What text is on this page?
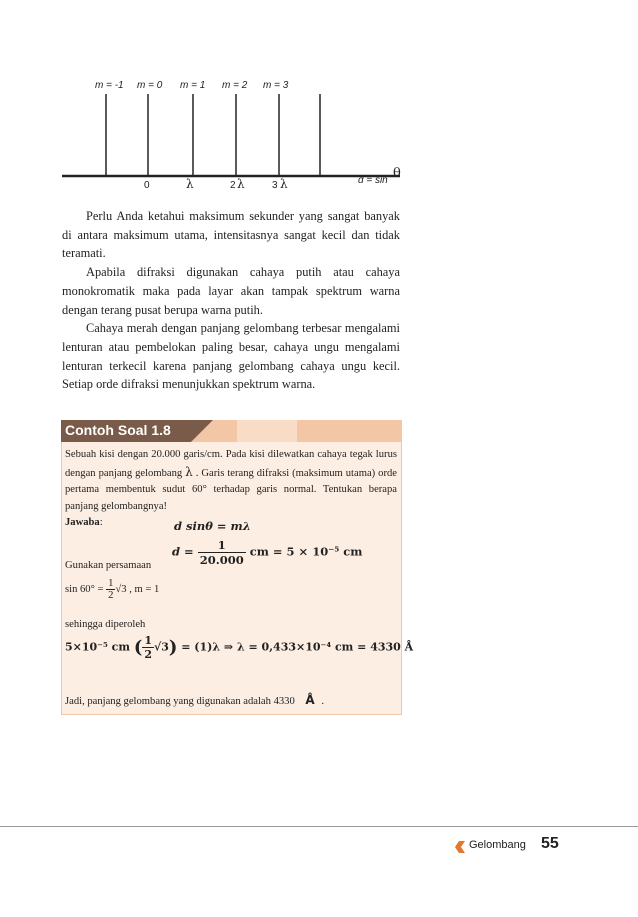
m = -1 m = 0 m = 1 m = 2 m = 3
0	λ	2 λ	3 λ	d = sin θ

Perlu Anda ketahui maksimum sekunder yang sangat banyak di antara maksimum utama, intensitasnya sangat kecil dan tidak teramati.

Apabila difraksi digunakan cahaya putih atau cahaya monokromatik maka pada layar akan tampak spektrum warna dengan terang pusat berupa warna putih.

Cahaya merah dengan panjang gelombang terbesar mengalami lenturan atau pembelokan paling besar, cahaya ungu mengalami lenturan terkecil karena panjang gelombang cahaya ungu kecil. Setiap orde difraksi menunjukkan spektrum warna.

Contoh Soal 1.8
Sebuah kisi dengan 20.000 garis/cm. Pada kisi dilewatkan cahaya tegak lurus dengan panjang gelombang λ . Garis terang difraksi (maksimum utama) orde pertama membentuk sudut 60° terhadap garis normal. Tentukan berapa panjang gelombangnya!
Jawaba:	d sinθ = mλ
$d = \frac{1}{20.000}$ cm = 5 × 10⁻⁵ cm
Gunakan persamaan
$\sin 60^\circ = \frac{1}{2} √3$ , m = 1
sehingga diperoleh
5×10⁻⁵ cm ( $\frac{1}{2} √3) = (1)\lambda$ ⇒ λ = 0,433×10⁻⁴ cm = 4330 Å
Jadi, panjang gelombang yang digunakan adalah 4330 Å .
Gelombang 55
